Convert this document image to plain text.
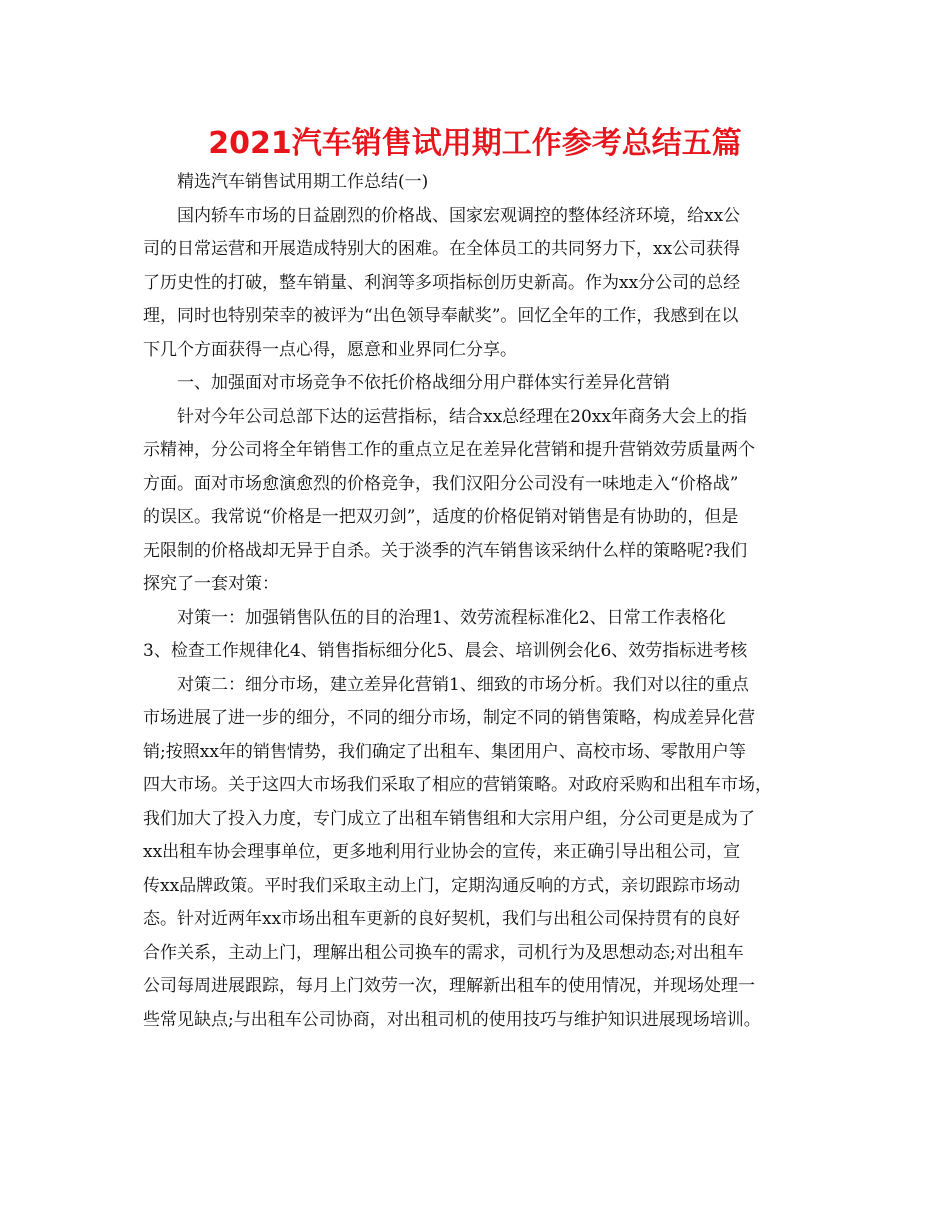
2021汽车销售试用期工作参考总结五篇
精选汽车销售试用期工作总结(一)
国内轿车市场的日益剧烈的价格战、国家宏观调控的整体经济环境，给xx公
司的日常运营和开展造成特别大的困难。在全体员工的共同努力下，xx公司获得
了历史性的打破，整车销量、利润等多项指标创历史新高。作为xx分公司的总经
理，同时也特别荣幸的被评为“出色领导奉献奖”。回忆全年的工作，我感到在以
下几个方面获得一点心得，愿意和业界同仁分享。
一、加强面对市场竞争不依托价格战细分用户群体实行差异化营销
针对今年公司总部下达的运营指标，结合xx总经理在20xx年商务大会上的指
示精神，分公司将全年销售工作的重点立足在差异化营销和提升营销效劳质量两个
方面。面对市场愈演愈烈的价格竞争，我们汉阳分公司没有一味地走入“价格战”
的误区。我常说“价格是一把双刃剑”，适度的价格促销对销售是有协助的，但是
无限制的价格战却无异于自杀。关于淡季的汽车销售该采纳什么样的策略呢?我们
探究了一套对策：
对策一：加强销售队伍的目的治理1、效劳流程标准化2、日常工作表格化
3、检查工作规律化4、销售指标细分化5、晨会、培训例会化6、效劳指标进考核
对策二：细分市场，建立差异化营销1、细致的市场分析。我们对以往的重点
市场进展了进一步的细分，不同的细分市场，制定不同的销售策略，构成差异化营
销;按照xx年的销售情势，我们确定了出租车、集团用户、高校市场、零散用户等
四大市场。关于这四大市场我们采取了相应的营销策略。对政府采购和出租车市场，
我们加大了投入力度，专门成立了出租车销售组和大宗用户组，分公司更是成为了
xx出租车协会理事单位，更多地利用行业协会的宣传，来正确引导出租公司，宣
传xx品牌政策。平时我们采取主动上门，定期沟通反响的方式，亲切跟踪市场动
态。针对近两年xx市场出租车更新的良好契机，我们与出租公司保持贯有的良好
合作关系，主动上门，理解出租公司换车的需求，司机行为及思想动态;对出租车
公司每周进展跟踪，每月上门效劳一次，理解新出租车的使用情况，并现场处理一
些常见缺点;与出租车公司协商，对出租司机的使用技巧与维护知识进展现场培训。
